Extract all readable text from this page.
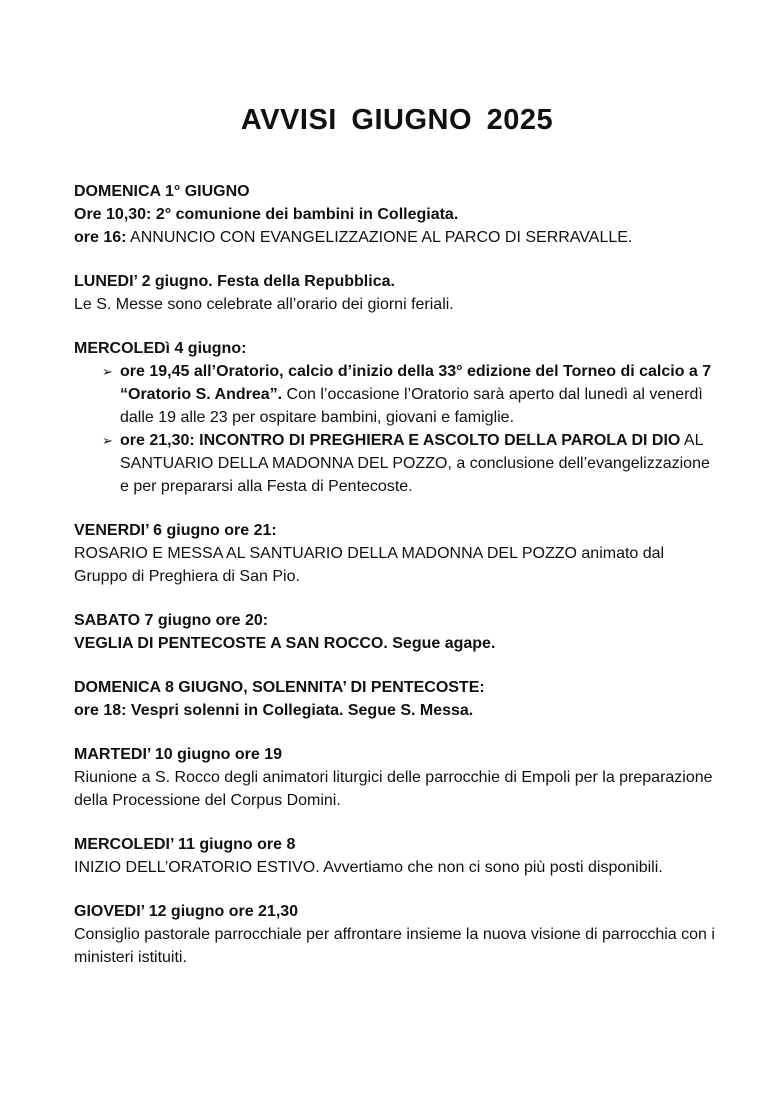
AVVISI GIUGNO 2025
DOMENICA 1° GIUGNO
Ore 10,30: 2° comunione dei bambini in Collegiata.
ore 16: ANNUNCIO CON EVANGELIZZAZIONE AL PARCO DI SERRAVALLE.
LUNEDI’ 2 giugno. Festa della Repubblica.
Le S. Messe sono celebrate all’orario dei giorni feriali.
MERCOLEDì 4 giugno:
➢ ore 19,45 all’Oratorio, calcio d’inizio della 33° edizione del Torneo di calcio a 7 “Oratorio S. Andrea”. Con l’occasione l’Oratorio sarà aperto dal lunedì al venerdì dalle 19 alle 23 per ospitare bambini, giovani e famiglie.
➢ ore 21,30: INCONTRO DI PREGHIERA E ASCOLTO DELLA PAROLA DI DIO AL SANTUARIO DELLA MADONNA DEL POZZO, a conclusione dell’evangelizzazione e per prepararsi alla Festa di Pentecoste.
VENERDI’ 6 giugno ore 21:
ROSARIO E MESSA AL SANTUARIO DELLA MADONNA DEL POZZO animato dal Gruppo di Preghiera di San Pio.
SABATO 7 giugno ore 20:
VEGLIA DI PENTECOSTE A SAN ROCCO. Segue agape.
DOMENICA 8 GIUGNO, SOLENNITA’ DI PENTECOSTE:
ore 18: Vespri solenni in Collegiata. Segue S. Messa.
MARTEDI’ 10 giugno ore 19
Riunione a S. Rocco degli animatori liturgici delle parrocchie di Empoli per la preparazione della Processione del Corpus Domini.
MERCOLEDI’ 11 giugno ore 8
INIZIO DELL’ORATORIO ESTIVO. Avvertiamo che non ci sono più posti disponibili.
GIOVEDI’ 12 giugno ore 21,30
Consiglio pastorale parrocchiale per affrontare insieme la nuova visione di parrocchia con i ministeri istituiti.
